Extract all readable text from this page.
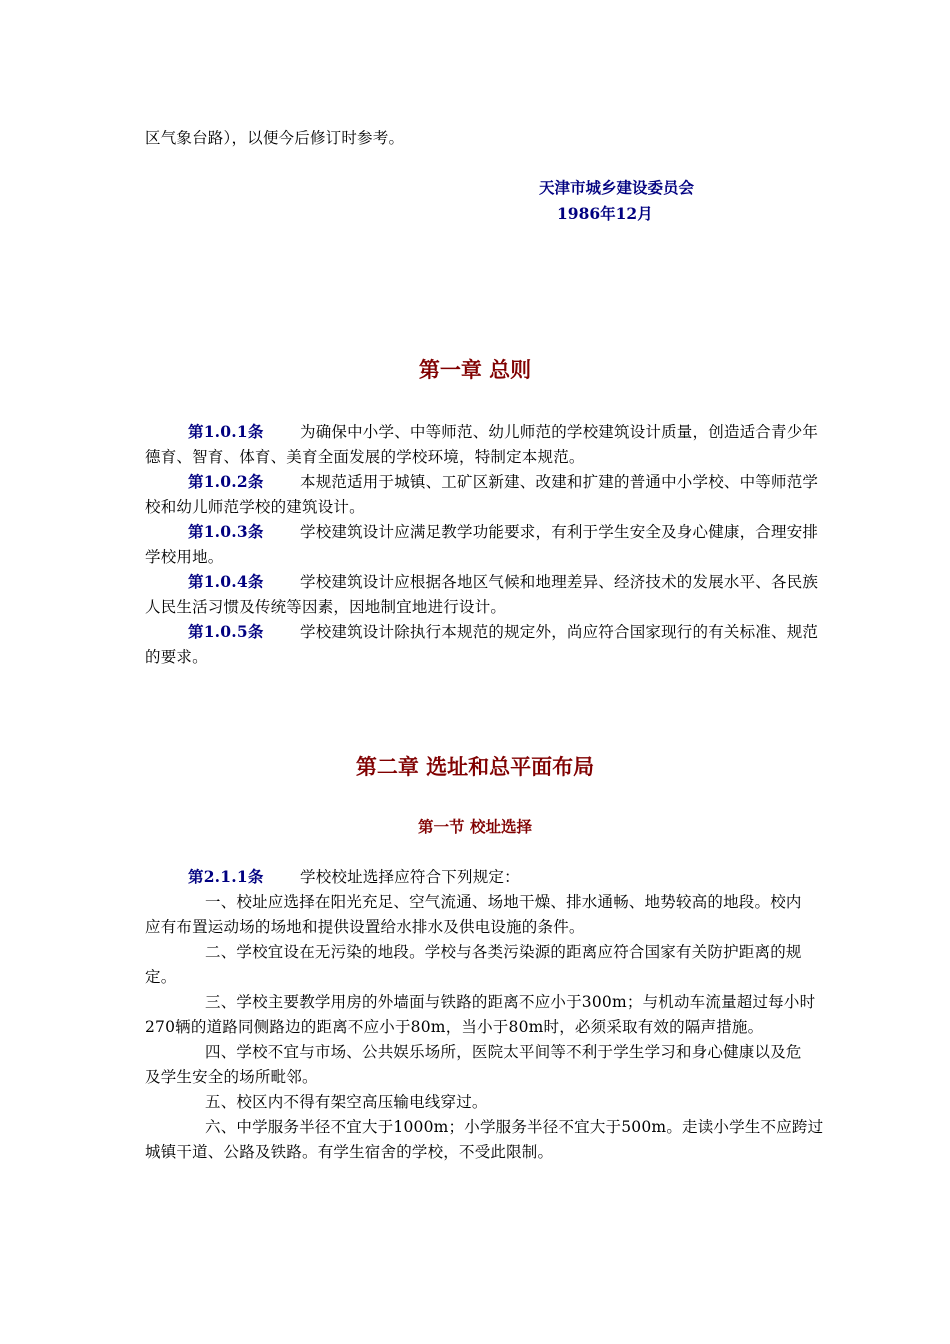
区气象台路），以便今后修订时参考。
天津市城乡建设委员会
1986年12月
第一章 总则
第1.0.1条 为确保中小学、中等师范、幼儿师范的学校建筑设计质量，创造适合青少年
德育、智育、体育、美育全面发展的学校环境，特制定本规范。
第1.0.2条 本规范适用于城镇、工矿区新建、改建和扩建的普通中小学校、中等师范学
校和幼儿师范学校的建筑设计。
第1.0.3条 学校建筑设计应满足教学功能要求，有利于学生安全及身心健康，合理安排
学校用地。
第1.0.4条 学校建筑设计应根据各地区气候和地理差异、经济技术的发展水平、各民族
人民生活习惯及传统等因素，因地制宜地进行设计。
第1.0.5条 学校建筑设计除执行本规范的规定外，尚应符合国家现行的有关标准、规范
的要求。
第二章 选址和总平面布局
第一节 校址选择
第2.1.1条 学校校址选择应符合下列规定：
一、校址应选择在阳光充足、空气流通、场地干燥、排水通畅、地势较高的地段。校内
应有布置运动场的场地和提供设置给水排水及供电设施的条件。
二、学校宜设在无污染的地段。学校与各类污染源的距离应符合国家有关防护距离的规
定。
三、学校主要教学用房的外墙面与铁路的距离不应小于300m；与机动车流量超过每小时
270辆的道路同侧路边的距离不应小于80m，当小于80m时，必须采取有效的隔声措施。
四、学校不宜与市场、公共娱乐场所，医院太平间等不利于学生学习和身心健康以及危
及学生安全的场所毗邻。
五、校区内不得有架空高压输电线穿过。
六、中学服务半径不宜大于1000m；小学服务半径不宜大于500m。走读小学生不应跨过
城镇干道、公路及铁路。有学生宿舍的学校，不受此限制。
